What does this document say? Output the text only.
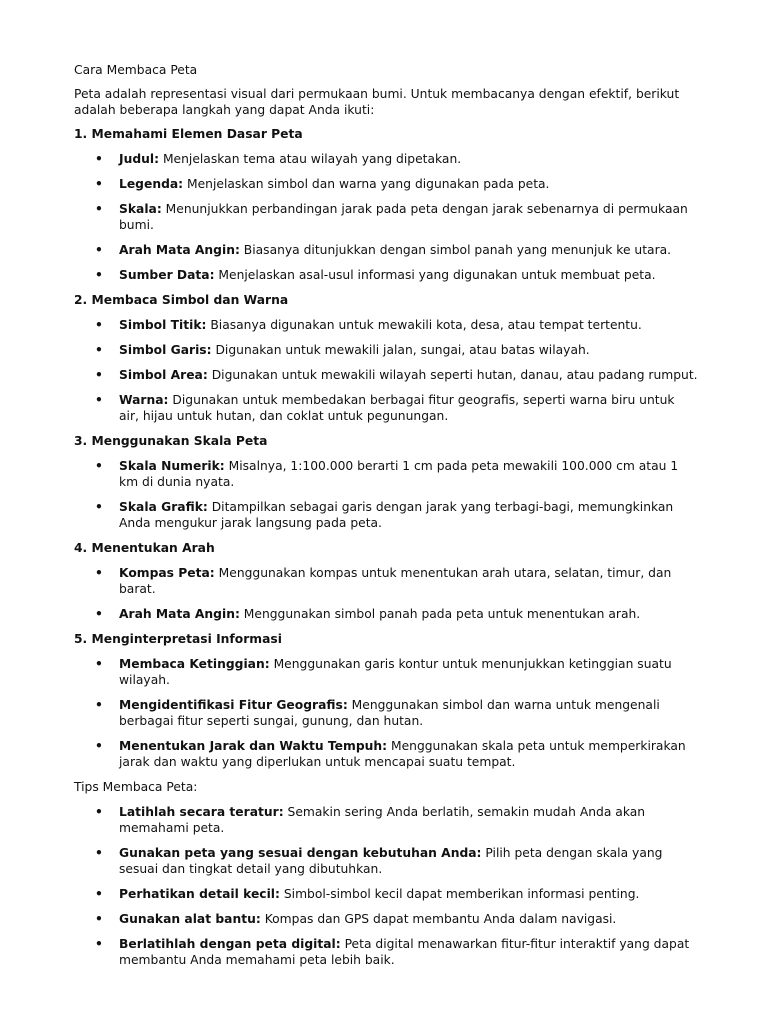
Cara Membaca Peta
Peta adalah representasi visual dari permukaan bumi. Untuk membacanya dengan efektif, berikut adalah beberapa langkah yang dapat Anda ikuti:
1. Memahami Elemen Dasar Peta
• Judul: Menjelaskan tema atau wilayah yang dipetakan.
• Legenda: Menjelaskan simbol dan warna yang digunakan pada peta.
• Skala: Menunjukkan perbandingan jarak pada peta dengan jarak sebenarnya di permukaan bumi.
• Arah Mata Angin: Biasanya ditunjukkan dengan simbol panah yang menunjuk ke utara.
• Sumber Data: Menjelaskan asal-usul informasi yang digunakan untuk membuat peta.
2. Membaca Simbol dan Warna
• Simbol Titik: Biasanya digunakan untuk mewakili kota, desa, atau tempat tertentu.
• Simbol Garis: Digunakan untuk mewakili jalan, sungai, atau batas wilayah.
• Simbol Area: Digunakan untuk mewakili wilayah seperti hutan, danau, atau padang rumput.
• Warna: Digunakan untuk membedakan berbagai fitur geografis, seperti warna biru untuk air, hijau untuk hutan, dan coklat untuk pegunungan.
3. Menggunakan Skala Peta
• Skala Numerik: Misalnya, 1:100.000 berarti 1 cm pada peta mewakili 100.000 cm atau 1 km di dunia nyata.
• Skala Grafik: Ditampilkan sebagai garis dengan jarak yang terbagi-bagi, memungkinkan Anda mengukur jarak langsung pada peta.
4. Menentukan Arah
• Kompas Peta: Menggunakan kompas untuk menentukan arah utara, selatan, timur, dan barat.
• Arah Mata Angin: Menggunakan simbol panah pada peta untuk menentukan arah.
5. Menginterpretasi Informasi
• Membaca Ketinggian: Menggunakan garis kontur untuk menunjukkan ketinggian suatu wilayah.
• Mengidentifikasi Fitur Geografis: Menggunakan simbol dan warna untuk mengenali berbagai fitur seperti sungai, gunung, dan hutan.
• Menentukan Jarak dan Waktu Tempuh: Menggunakan skala peta untuk memperkirakan jarak dan waktu yang diperlukan untuk mencapai suatu tempat.
Tips Membaca Peta:
• Latihlah secara teratur: Semakin sering Anda berlatih, semakin mudah Anda akan memahami peta.
• Gunakan peta yang sesuai dengan kebutuhan Anda: Pilih peta dengan skala yang sesuai dan tingkat detail yang dibutuhkan.
• Perhatikan detail kecil: Simbol-simbol kecil dapat memberikan informasi penting.
• Gunakan alat bantu: Kompas dan GPS dapat membantu Anda dalam navigasi.
• Berlatihlah dengan peta digital: Peta digital menawarkan fitur-fitur interaktif yang dapat membantu Anda memahami peta lebih baik.
